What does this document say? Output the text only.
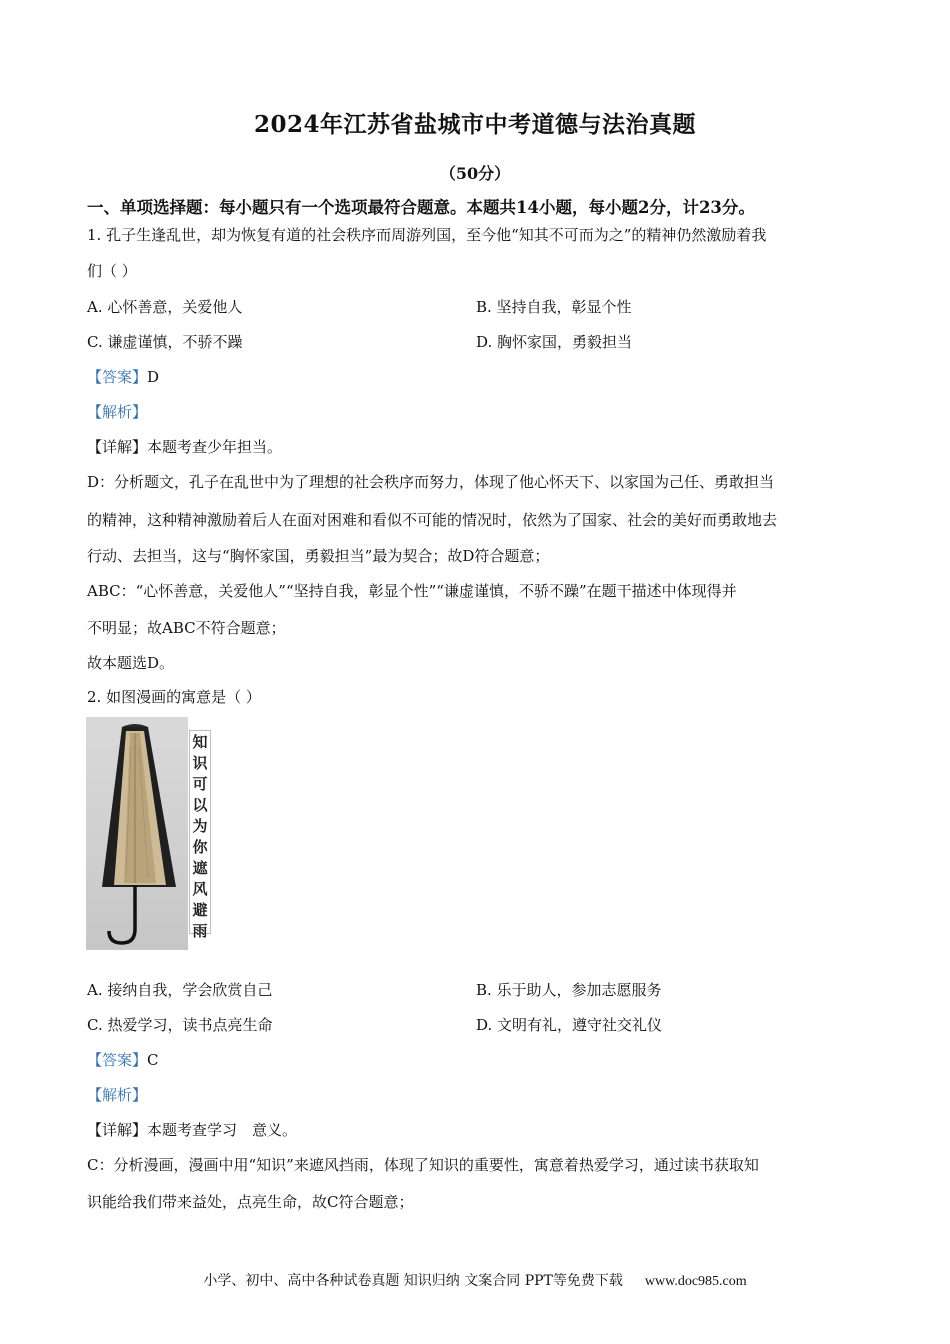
2024年江苏省盐城市中考道德与法治真题
（50分）
一、单项选择题：每小题只有一个选项最符合题意。本题共14小题，每小题2分，计23分。
1. 孔子生逢乱世，却为恢复有道的社会秩序而周游列国，至今他“知其不可而为之”的精神仍然激励着我
们（ ）
A. 心怀善意，关爱他人	B. 坚持自我，彰显个性
C. 谦虚谨慎，不骄不躁	D. 胸怀家国，勇毅担当
【答案】D
【解析】
【详解】本题考查少年担当。
D：分析题文，孔子在乱世中为了理想的社会秩序而努力，体现了他心怀天下、以家国为己任、勇敢担当
的精神，这种精神激励着后人在面对困难和看似不可能的情况时，依然为了国家、社会的美好而勇敢地去
行动、去担当，这与“胸怀家国，勇毅担当”最为契合；故D符合题意；
ABC：“心怀善意，关爱他人”“坚持自我，彰显个性”“谦虚谨慎，不骄不躁”在题干描述中体现得并
不明显；故ABC不符合题意；
故本题选D。
2. 如图漫画的寓意是（ ）
知
识
可
以
为
你
遮
风
避
雨
A. 接纳自我，学会欣赏自己	B. 乐于助人，参加志愿服务
C. 热爱学习，读书点亮生命	D. 文明有礼，遵守社交礼仪
【答案】C
【解析】
【详解】本题考查学习　意义。
C：分析漫画，漫画中用“知识”来遮风挡雨，体现了知识的重要性，寓意着热爱学习，通过读书获取知
识能给我们带来益处，点亮生命，故C符合题意；
小学、初中、高中各种试卷真题 知识归纳 文案合同 PPT等免费下载 www.doc985.com
